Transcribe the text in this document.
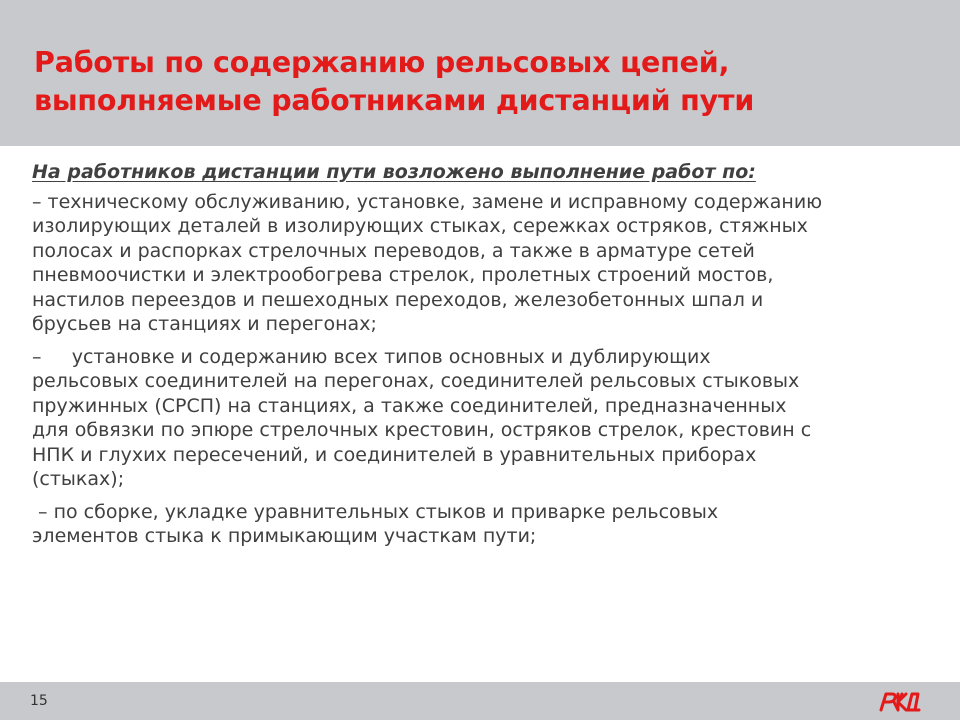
Работы по содержанию рельсовых цепей,
выполняемые работниками дистанций пути
На работников дистанции пути возложено выполнение работ по:
– техническому обслуживанию, установке, замене и исправному содержанию
изолирующих деталей в изолирующих стыках, сережках остряков, стяжных
полосах и распорках стрелочных переводов, а также в арматуре сетей
пневмоочистки и электрообогрева стрелок, пролетных строений мостов,
настилов переездов и пешеходных переходов, железобетонных шпал и
брусьев на станциях и перегонах;
–     установке и содержанию всех типов основных и дублирующих
рельсовых соединителей на перегонах, соединителей рельсовых стыковых
пружинных (СРСП) на станциях, а также соединителей, предназначенных
для обвязки по эпюре стрелочных крестовин, остряков стрелок, крестовин с
НПК и глухих пересечений, и соединителей в уравнительных приборах
(стыках);
– по сборке, укладке уравнительных стыков и приварке рельсовых
элементов стыка к примыкающим участкам пути;
15
